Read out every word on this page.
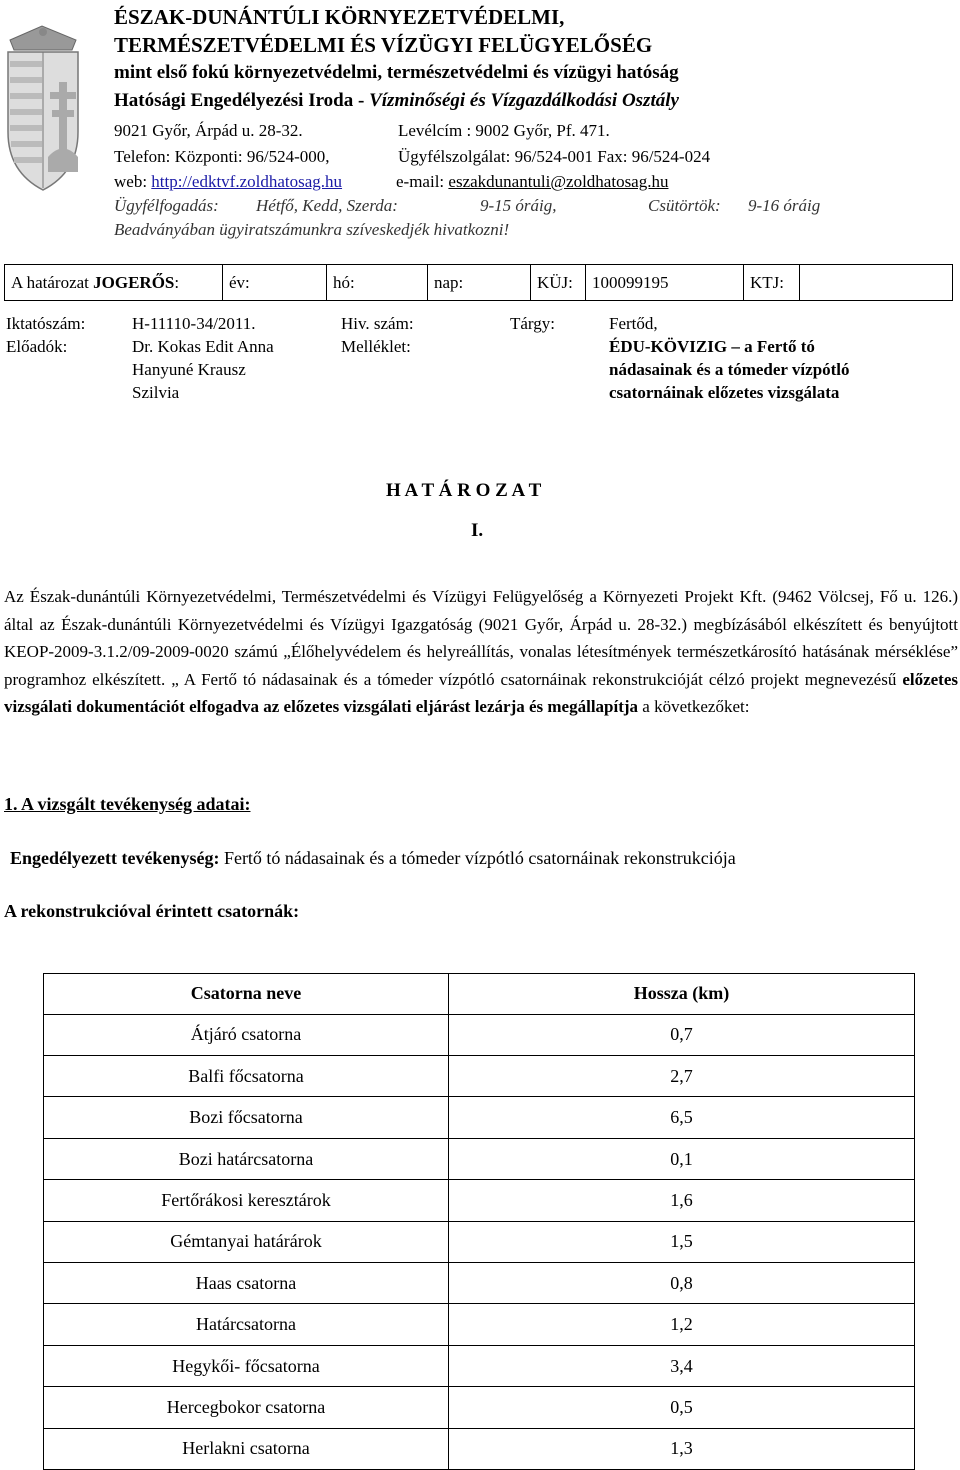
ÉSZAK-DUNÁNTÚLI KÖRNYEZETVÉDELMI,
TERMÉSZETVÉDELMI ÉS VÍZÜGYI FELÜGYELŐSÉG
mint első fokú környezetvédelmi, természetvédelmi és vízügyi hatóság
Hatósági Engedélyezési Iroda - Vízminőségi és Vízgazdálkodási Osztály
9021 Győr, Árpád u. 28-32.	Levélcím : 9002 Győr, Pf. 471.
Telefon: Központi: 96/524-000,	Ügyfélszolgálat: 96/524-001 Fax: 96/524-024
web: http://edktvf.zoldhatosag.hu	e-mail: eszakdunantuli@zoldhatosag.hu
Ügyfélfogadás: Hétfő, Kedd, Szerda:	9-15 óráig,	Csütörtök: 9-16 óráig
Beadványában ügyiratszámunkra szíveskedjék hivatkozni!
A határozat
JOGERŐS :	év:	hó:	nap:	KÜJ:	100099195	KTJ:
Iktatószám:	H-11110-34/2011.
Előadók:	Dr. Kokas Edit Anna
Hanyuné Krausz
Szilvia
Hiv. szám:
Melléklet:
Tárgy:	Fertőd,
ÉDU-KÖVIZIG – a Fertő tó
nádasainak és a tómeder vízpótló
csatornáinak előzetes vizsgálata
H A T Á R O Z A T
I.

Az Észak-dunántúli Környezetvédelmi, Természetvédelmi és Vízügyi Felügyelőség a Környezeti Projekt Kft. (9462 Völcsej, Fő u. 126.) által az Észak-dunántúli Környezetvédelmi és Vízügyi Igazgatóság (9021 Győr, Árpád u. 28-32.) megbízásából elkészített és benyújtott KEOP-2009-3.1.2/09-2009-0020 számú „Élőhelyvédelem és helyreállítás, vonalas létesítmények természetkárosító hatásának mérséklése” programhoz elkészített. „ A Fertő tó nádasainak és a tómeder vízpótló csatornáinak rekonstrukcióját célzó projekt megnevezésű előzetes vizsgálati dokumentációt elfogadva az előzetes vizsgálati eljárást lezárja és megállapítja a következőket:

1. A vizsgált tevékenység adatai:
Engedélyezett tevékenység: Fertő tó nádasainak és a tómeder vízpótló csatornáinak rekonstrukciója
A rekonstrukcióval érintett csatornák:
Csatorna neve	Hossza (km)
Átjáró csatorna	0,7
Balfi főcsatorna	2,7
Bozi főcsatorna	6,5
Bozi határcsatorna	0,1
Fertőrákosi keresztárok	1,6
Gémtanyai határárok	1,5
Haas csatorna	0,8
Határcsatorna	1,2
Hegykői- főcsatorna	3,4
Hercegbokor csatorna	0,5
Herlakni csatorna	1,3
